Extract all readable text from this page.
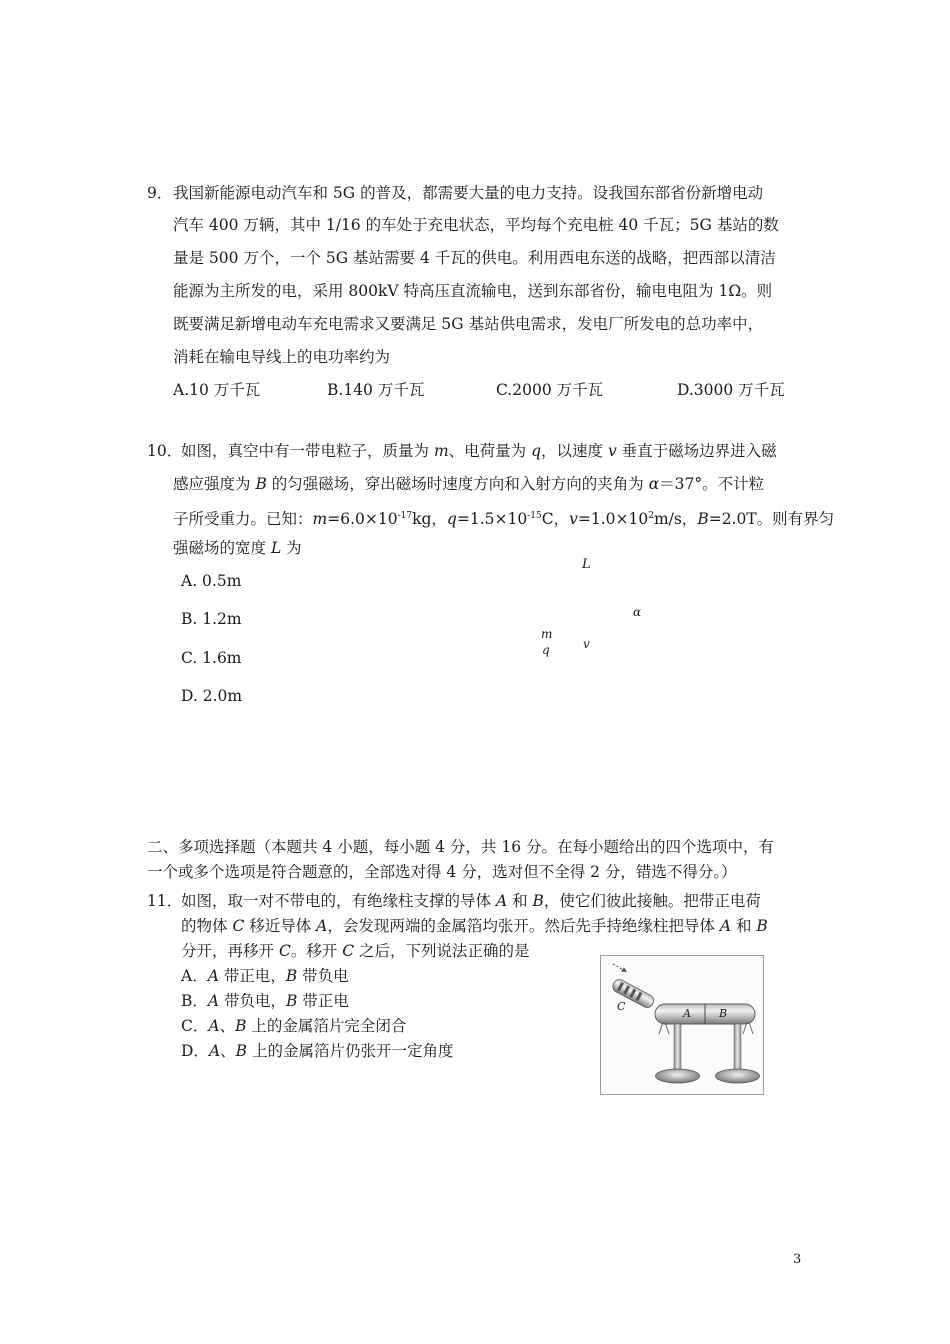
9． 我国新能源电动汽车和 5G 的普及，都需要大量的电力支持。设我国东部省份新增电动
汽车 400 万辆，其中 1/16 的车处于充电状态，平均每个充电桩 40 千瓦；5G 基站的数
量是 500 万个，一个 5G 基站需要 4 千瓦的供电。利用西电东送的战略，把西部以清洁
能源为主所发的电，采用 800kV 特高压直流输电，送到东部省份，输电电阻为 1Ω。则
既要满足新增电动车充电需求又要满足 5G 基站供电需求，发电厂所发电的总功率中，
消耗在输电导线上的电功率约为
A.10 万千瓦	B.140 万千瓦	C.2000 万千瓦	D.3000 万千瓦
10．
如图，真空中有一带电粒子，质量为 m、电荷量为 q，以速度 v 垂直于磁场边界进入磁
感应强度为 B 的匀强磁场，穿出磁场时速度方向和入射方向的夹角为 α＝37°。不计粒
子所受重力。已知：$m=6.0\times 10^{-17}kg$，$q=1.5\times 10^{-15}C$，$v=1.0\times 10^2m/s$，B=2.0T。则有界匀
强磁场的宽度 L 为
A. 0.5m
B. 1.2m
C. 1.6m
D. 2.0m
L
α
m
q	v
二、多项选择题（本题共 4 小题，每小题 4 分，共 16 分。在每小题给出的四个选项中，有
一个或多个选项是符合题意的，全部选对得 4 分，选对但不全得 2 分，错选不得分。）
11．
如图，取一对不带电的，有绝缘柱支撑的导体 A 和 B，使它们彼此接触。把带正电荷
的物体 C 移近导体 A，会发现两端的金属箔均张开。然后先手持绝缘柱把导体 A 和 B
分开，再移开 C。移开 C 之后，下列说法正确的是
A．A 带正电，B 带负电
B．A 带负电，B 带正电
C．A、B 上的金属箔片完全闭合
D．A、B 上的金属箔片仍张开一定角度
C
A	B
3
